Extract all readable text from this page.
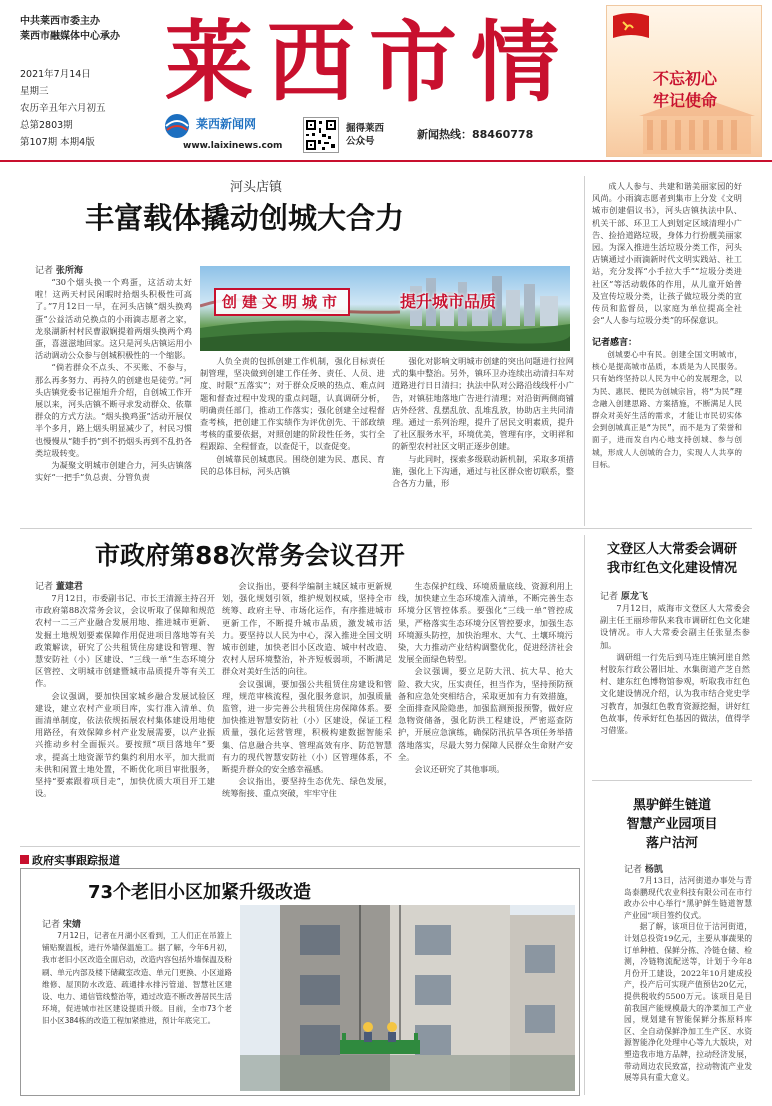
中共莱西市委主办
莱西市融媒体中心承办
2021年7月14日
星期三
农历辛丑年六月初五
总第2803期
第107期 本期4版
莱西市情
莱西新闻网
www.laixinews.com
掘得莱西
公众号
新闻热线：88460778
不忘初心
牢记使命
河头店镇
丰富载体撬动创城大合力
记者 张所海

“30个烟头换一个鸡蛋，这活动太好啦！这两天村民闲暇时拾烟头积极性可高了。”7月12日一早，在河头店镇“烟头换鸡蛋”公益活动兑换点的小雨滴志愿者之家，龙泉湖新村村民曹淑娴提着两烟头换两个鸡蛋，喜滋滋地回家。这只是河头店镇运用小活动调动公众参与创城积极性的一个缩影。

“倘若群众不点头、不买账、不参与，那么再多努力、再持久的创建也是徒劳。”河头店镇党委书记崔旭升介绍，自创城工作开展以来，河头店镇不断寻求发动群众、依靠群众的方式方法。“烟头换鸡蛋”活动开展仅半个多月，路上烟头明显减少了，村民习惯也慢慢从“随手扔”到不扔烟头再到不乱扔各类垃圾转变。

为凝聚文明城市创建合力，河头店镇落实好“一把手”负总责、分管负责

创建文明城市	提升城市品质

人负全责的包抓创建工作机制，强化目标责任制管理，坚决做到创建工作任务、责任、人员、进度、时限“五落实”；对于群众反映的热点、难点问题和督查过程中发现的重点问题，认真调研分析，明确责任部门，推动工作落实；强化创建全过程督查考核，把创建工作实绩作为评优创先、干部政绩考核的重要依据，对照创建的阶段性任务，实行全程跟踪、全程督查，以查促干，以查促变。

创城靠民创城惠民。围绕创建为民、惠民、育民的总体目标，河头店镇

强化对影响文明城市创建的突出问题进行拉网式的集中整治。另外，镇环卫办连续出动清扫车对道路进行日日清扫；执法中队对公路沿线线杆小广告，对镇驻地落地广告进行清理；对沿街两侧商铺店外经营、乱摆乱放、乱堆乱放，协助店主共同清理。通过一系列治理，提升了居民文明素质，提升了社区服务水平，环境优美，管理有序，文明祥和的新型农村社区文明正逐步创建。

与此同时，探索多级联动新机制，采取多项措施，强化上下沟通，通过与社区群众密切联系，整合各方力量，形

成人人参与、共建和谐美丽家园的好风尚。小雨滴志愿者到集市上分发《文明城市创建倡议书》，河头店镇执法中队、机关干部、环卫工人到划定区域清理小广告、捡拾道路垃圾，身体力行扮靓美丽家园。为深入推进生活垃圾分类工作，河头店镇通过小雨滴新时代文明实践站、社工站，充分发挥“小手拉大手”“垃圾分类进社区”等活动载体的作用，从儿童开始普及宣传垃圾分类，让孩子做垃圾分类的宣传员和监督员，以家庭为单位提高全社会“人人参与垃圾分类”的环保意识。

记者感言：

创城要心中有民。创建全国文明城市，核心是提高城市品质，本质是为人民服务。只有始终坚持以人民为中心的发展理念，以为民、惠民、便民为创城宗旨，将“为民”理念融入创建思路、方案措施，不断满足人民群众对美好生活的需求，才能让市民切实体会到创城真正是“为民”，而不是为了荣誉和面子，进而发自内心地支持创城、参与创城，形成人人创城的合力，实现人人共享的目标。

市政府第88次常务会议召开
记者 董建君

7月12日，市委副书记、市长王清源主持召开市政府第88次常务会议，会议听取了保障和规范农村一二三产业融合发展用地、推进城市更新、发掘土地规划要素保障作用促进项目落地等有关政策解读，研究了公共租赁住房建设和管理、智慧安防社（小）区建设、“三线一单”生态环境分区管控、文明城市创建暨城市品质提升等有关工作。

会议强调，要加快国家城乡融合发展试验区建设，建立农村产业项目库，实行准入清单、负面清单制度，依法依规拓展农村集体建设用地使用路径，有效保障乡村产业发展需要，以产业振兴推动乡村全面振兴。要按照“项目落地年”要求，提高土地资源节约集约利用水平，加大批而未供和闲置土地处置，不断优化项目审批服务，坚持“要素跟着项目走”，加快优质大项目开工建设。

会议指出，要科学编制主城区城市更新规划，强化规划引领，维护规划权威，坚持全市统筹、政府主导、市场化运作，有序推进城市更新工作，不断提升城市品质，激发城市活力。要坚持以人民为中心，深入推进全国文明城市创建，加快老旧小区改造、城中村改造、农村人居环境整治，补齐短板弱项，不断满足群众对美好生活的向往。

会议强调，要加强公共租赁住房建设和管理，规范审核流程，强化服务意识，加强质量监管，进一步完善公共租赁住房保障体系。要加快推进智慧安防社（小）区建设，保证工程质量，强化运营管理，积极构建数据智能采集、信息融合共享、管理高效有序、防范智慧有力的现代智慧安防社（小）区管理体系，不断提升群众的安全感幸福感。

会议指出，要坚持生态优先、绿色发展，统筹衔接、重点突破，牢牢守住

生态保护红线、环境质量底线、资源利用上线，加快建立生态环境准入清单，不断完善生态环境分区管控体系。要强化“三线一单”管控成果，严格落实生态环境分区管控要求，加强生态环境源头防控，加快治理水、大气、土壤环境污染，大力推动产业结构调整优化，促进经济社会发展全面绿色转型。

会议强调，要立足防大汛、抗大旱、抢大险、救大灾，压实责任，担当作为，坚持预防预备和应急处突相结合，采取更加有力有效措施，全面排查风险隐患，加强监测预报预警，做好应急物资储备，强化防洪工程建设，严密巡查防护，开展应急演练，确保防汛抗旱各项任务举措落地落实，尽最大努力保障人民群众生命财产安全。

会议还研究了其他事项。

文登区人大常委会调研
我市红色文化建设情况
记者 原龙飞

7月12日，威海市文登区人大常委会副主任王丽珍带队来我市调研红色文化建设情况。市人大常委会副主任张显杰参加。

调研组一行先后到马连庄镇河崖自然村胶东行政公署旧址、水集街道产芝自然村、建东红色博物馆参观，听取我市红色文化建设情况介绍，认为我市结合党史学习教育，加强红色教育资源挖掘，讲好红色故事，传承好红色基因的做法，值得学习借鉴。

黑驴鲜生链道
智慧产业园项目
落户沽河
记者 杨凯

7月13日，沽河街道办事处与青岛泰鹏现代农业科技有限公司在市行政办公中心举行“黑驴鲜生链道智慧产业园”项目签约仪式。

据了解，该项目位于沽河街道，计划总投资19亿元，主要从事蔬果的订单种植、保鲜分拣、冷链仓储、检测，冷链物流配送等，计划于今年8月份开工建设，2022年10月建成投产，投产后可实现产值预估20亿元，提供税收约5500万元。该项目是目前我国产能规模最大的净菜加工产业园，规划建有智能保鲜分拣原料库区、全自动保鲜净加工生产区、水资源智能净化处理中心等九大版块，对塑造我市地方品牌，拉动经济发展，带动周边农民致富，拉动物流产业发展等具有重大意义。

政府实事跟踪报道
73个老旧小区加紧升级改造
记者 宋婧

7月12日，记者在月湖小区看到，工人们正在吊篮上铺贴聚温板，进行外墙保温施工。据了解，今年6月初，我市老旧小区改造全面启动，改造内容包括外墙保温及粉刷、单元内部及楼下储藏室改造、单元门更换、小区道路维修、屋顶防水改造、疏通排水排污管道、智慧社区建设、电力、通信管线整治等，通过改造不断改善居民生活环境，促进城市社区建设提质升级。目前，全市73个老旧小区384栋的改造工程加紧推进，预计年底完工。
